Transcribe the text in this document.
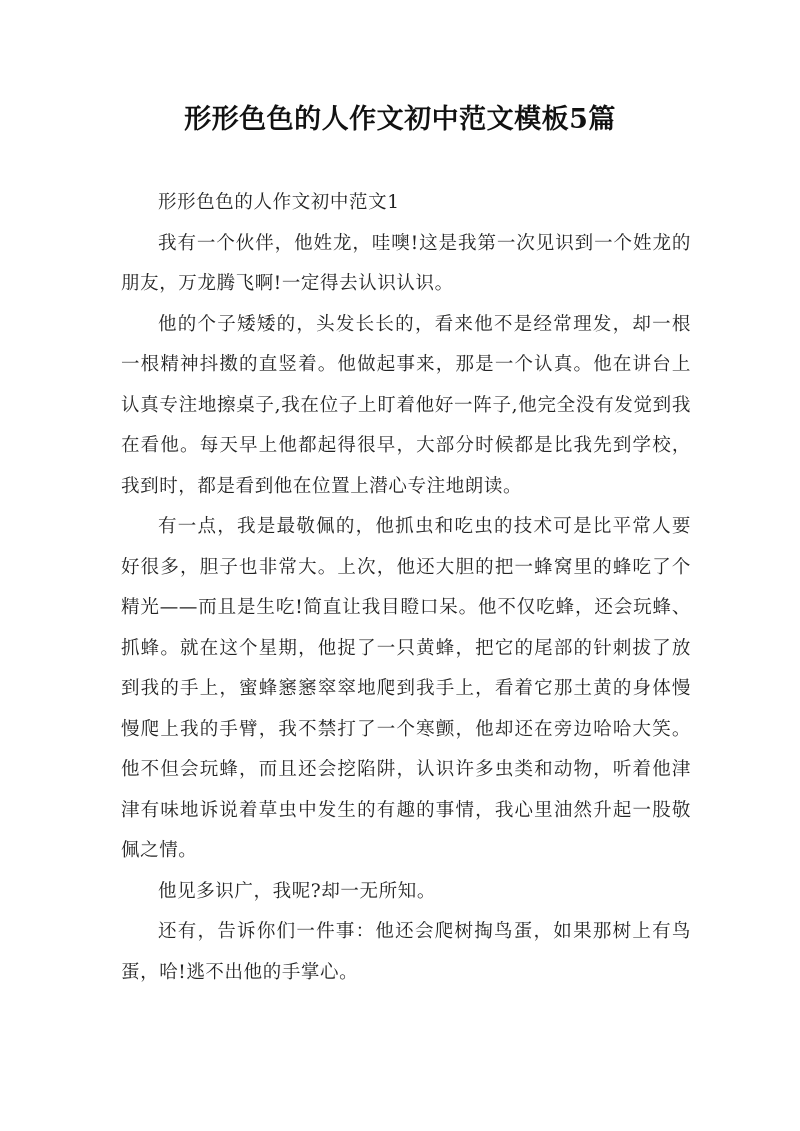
形形色色的人作文初中范文模板5篇

形形色色的人作文初中范文1

我有一个伙伴，他姓龙，哇噢!这是我第一次见识到一个姓龙的朋友，万龙腾飞啊!一定得去认识认识。

他的个子矮矮的，头发长长的，看来他不是经常理发，却一根一根精神抖擞的直竖着。他做起事来，那是一个认真。他在讲台上认真专注地擦桌子,我在位子上盯着他好一阵子,他完全没有发觉到我在看他。每天早上他都起得很早，大部分时候都是比我先到学校，我到时，都是看到他在位置上潜心专注地朗读。

有一点，我是最敬佩的，他抓虫和吃虫的技术可是比平常人要好很多，胆子也非常大。上次，他还大胆的把一蜂窝里的蜂吃了个精光——而且是生吃!简直让我目瞪口呆。他不仅吃蜂，还会玩蜂、抓蜂。就在这个星期，他捉了一只黄蜂，把它的尾部的针刺拔了放到我的手上，蜜蜂窸窸窣窣地爬到我手上，看着它那土黄的身体慢慢爬上我的手臂，我不禁打了一个寒颤，他却还在旁边哈哈大笑。他不但会玩蜂，而且还会挖陷阱，认识许多虫类和动物，听着他津津有味地诉说着草虫中发生的有趣的事情，我心里油然升起一股敬佩之情。

他见多识广，我呢?却一无所知。

还有，告诉你们一件事：他还会爬树掏鸟蛋，如果那树上有鸟蛋，哈!逃不出他的手掌心。
